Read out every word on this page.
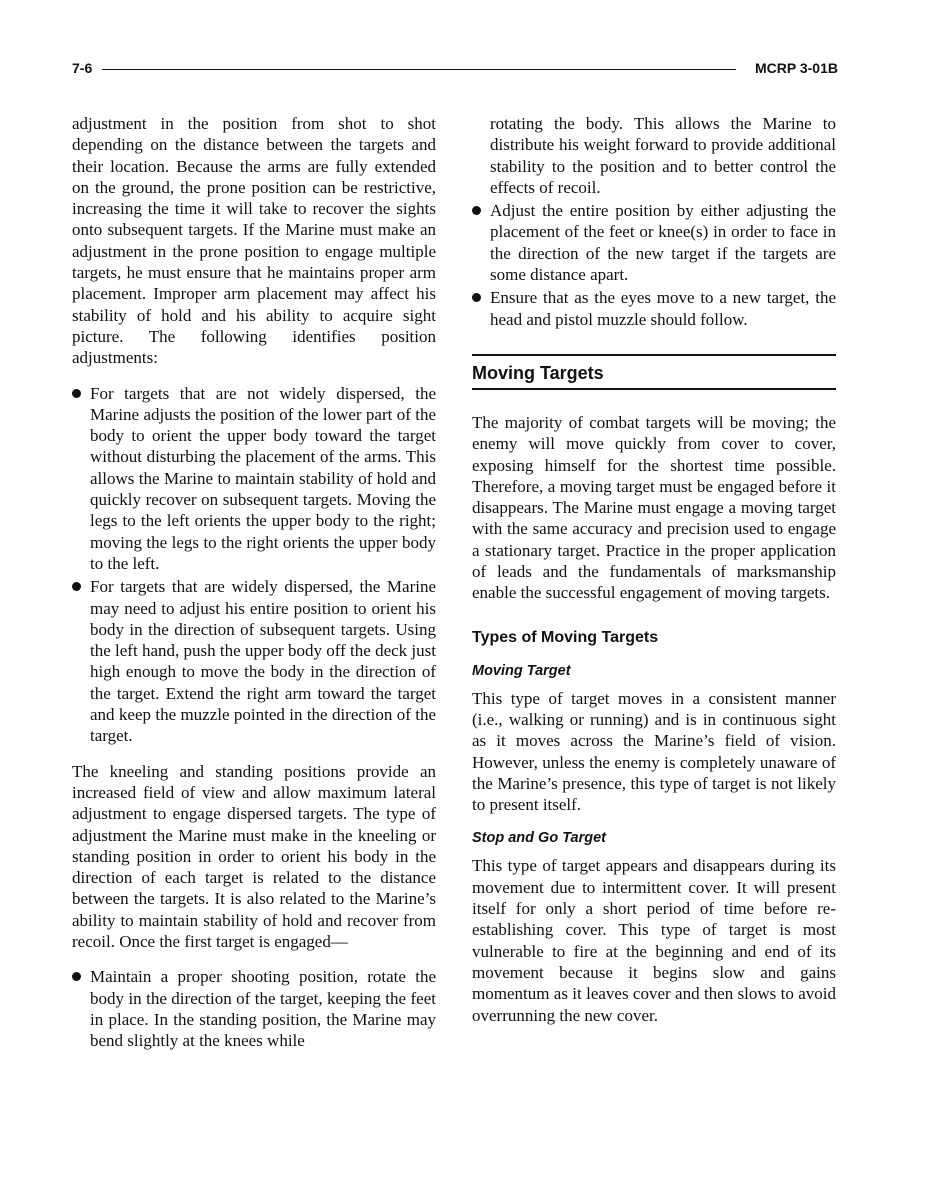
7-6	MCRP 3-01B

adjustment in the position from shot to shot depending on the distance between the targets and their location. Because the arms are fully extended on the ground, the prone position can be restrictive, increasing the time it will take to recover the sights onto subsequent targets. If the Marine must make an adjustment in the prone position to engage multiple targets, he must ensure that he maintains proper arm placement. Improper arm placement may affect his stability of hold and his ability to acquire sight picture. The following identifies position adjustments:

For targets that are not widely dispersed, the Marine adjusts the position of the lower part of the body to orient the upper body toward the target without disturbing the placement of the arms. This allows the Marine to maintain stability of hold and quickly recover on subsequent targets. Moving the legs to the left orients the upper body to the right; moving the legs to the right orients the upper body to the left.
For targets that are widely dispersed, the Marine may need to adjust his entire position to orient his body in the direction of subsequent targets. Using the left hand, push the upper body off the deck just high enough to move the body in the direction of the target. Extend the right arm toward the target and keep the muzzle pointed in the direction of the target.

The kneeling and standing positions provide an increased field of view and allow maximum lateral adjustment to engage dispersed targets. The type of adjustment the Marine must make in the kneeling or standing position in order to orient his body in the direction of each target is related to the distance between the targets. It is also related to the Marine’s ability to maintain stability of hold and recover from recoil. Once the first target is engaged—

Maintain a proper shooting position, rotate the body in the direction of the target, keeping the feet in place. In the standing position, the Marine may bend slightly at the knees while
rotating the body. This allows the Marine to distribute his weight forward to provide additional stability to the position and to better control the effects of recoil.
Adjust the entire position by either adjusting the placement of the feet or knee(s) in order to face in the direction of the new target if the targets are some distance apart.
Ensure that as the eyes move to a new target, the head and pistol muzzle should follow.
Moving Targets

The majority of combat targets will be moving; the enemy will move quickly from cover to cover, exposing himself for the shortest time possible. Therefore, a moving target must be engaged before it disappears. The Marine must engage a moving target with the same accuracy and precision used to engage a stationary target. Practice in the proper application of leads and the fundamentals of marksmanship enable the successful engagement of moving targets.

Types of Moving Targets
Moving Target

This type of target moves in a consistent manner (i.e., walking or running) and is in continuous sight as it moves across the Marine’s field of vision. However, unless the enemy is completely unaware of the Marine’s presence, this type of target is not likely to present itself.

Stop and Go Target

This type of target appears and disappears during its movement due to intermittent cover. It will present itself for only a short period of time before re-establishing cover. This type of target is most vulnerable to fire at the beginning and end of its movement because it begins slow and gains momentum as it leaves cover and then slows to avoid overrunning the new cover.
